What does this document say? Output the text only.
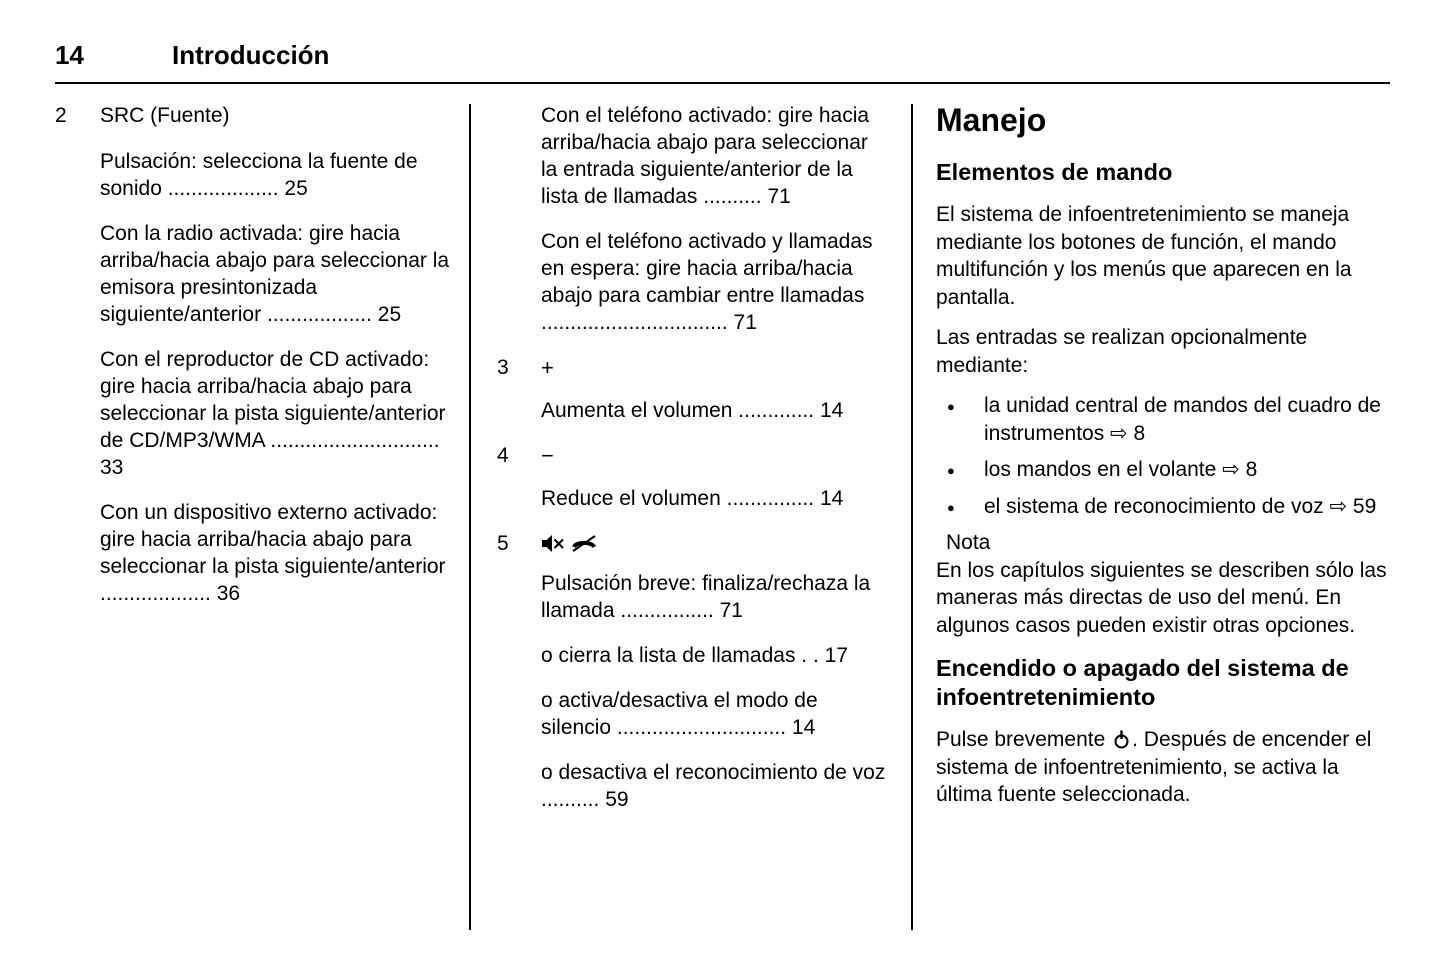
14	Introducción
2	SRC (Fuente)

Pulsación: selecciona la fuente de sonido ................... 25

Con la radio activada: gire hacia arriba/hacia abajo para seleccionar la emisora presintonizada siguiente/anterior .................. 25

Con el reproductor de CD activado: gire hacia arriba/hacia abajo para seleccionar la pista siguiente/anterior de CD/MP3/WMA ............................. 33

Con un dispositivo externo activado: gire hacia arriba/hacia abajo para seleccionar la pista siguiente/anterior ................... 36

Con el teléfono activado: gire hacia arriba/hacia abajo para seleccionar la entrada siguiente/anterior de la lista de llamadas .......... 71

Con el teléfono activado y llamadas en espera: gire hacia arriba/hacia abajo para cambiar entre llamadas ................................ 71

3	+

Aumenta el volumen ............. 14

4	−

Reduce el volumen ............... 14

5

Pulsación breve: finaliza/rechaza la llamada ................ 71

o cierra la lista de llamadas . . 17

o activa/desactiva el modo de silencio ............................. 14

o desactiva el reconocimiento de voz .......... 59

Manejo
Elementos de mando

El sistema de infoentretenimiento se maneja mediante los botones de función, el mando multifunción y los menús que aparecen en la pantalla.

Las entradas se realizan opcionalmente mediante:

● la unidad central de mandos del cuadro de instrumentos ⇨ 8
● los mandos en el volante ⇨ 8
● el sistema de reconocimiento de voz ⇨ 59

Nota

En los capítulos siguientes se describen sólo las maneras más directas de uso del menú. En algunos casos pueden existir otras opciones.

Encendido o apagado del sistema de infoentretenimiento

Pulse brevemente . Después de encender el sistema de infoentretenimiento, se activa la última fuente seleccionada.
